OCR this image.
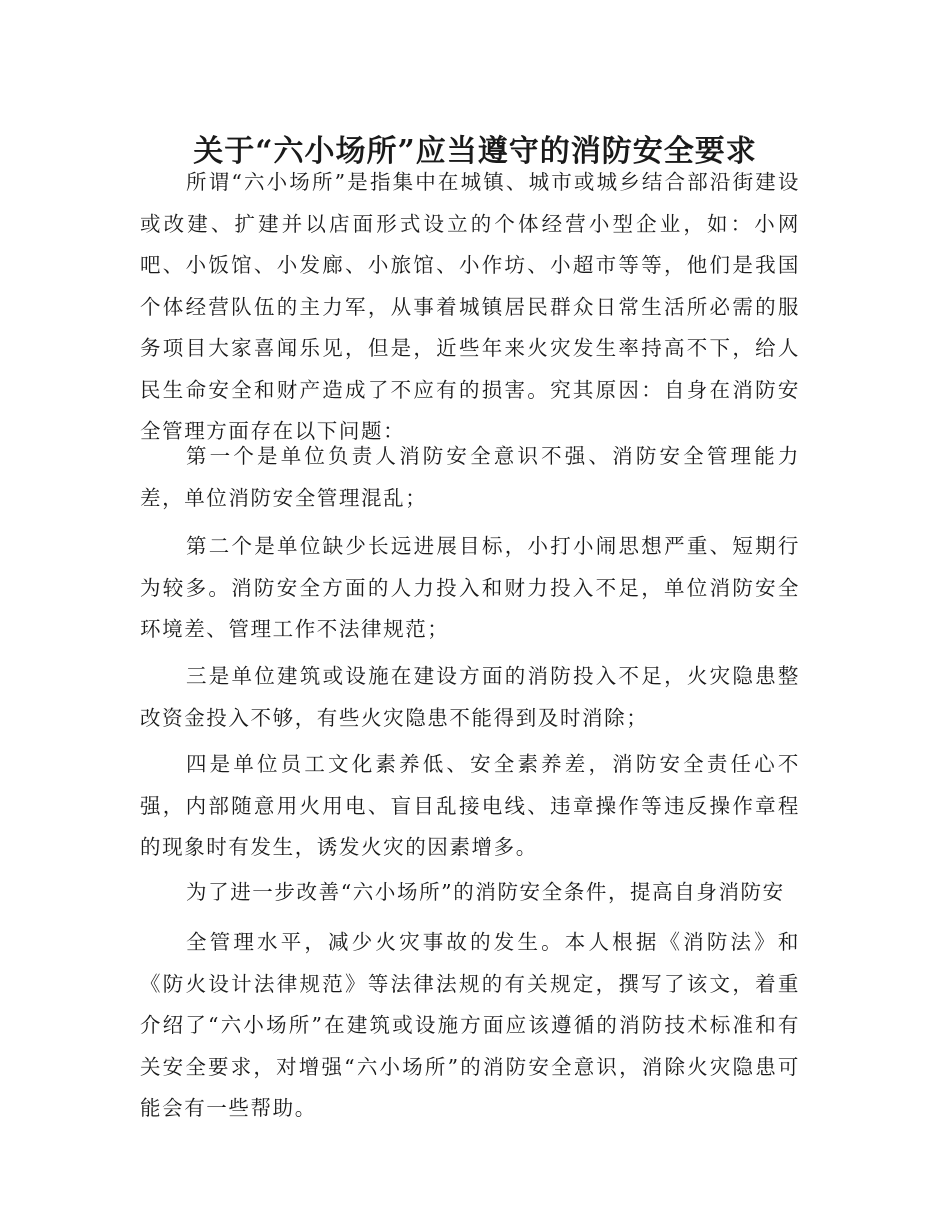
关于“六小场所”应当遵守的消防安全要求

所谓“六小场所”是指集中在城镇、城市或城乡结合部沿街建设或改建、扩建并以店面形式设立的个体经营小型企业，如：小网吧、小饭馆、小发廊、小旅馆、小作坊、小超市等等，他们是我国个体经营队伍的主力军，从事着城镇居民群众日常生活所必需的服务项目大家喜闻乐见，但是，近些年来火灾发生率持高不下，给人民生命安全和财产造成了不应有的损害。究其原因：自身在消防安全管理方面存在以下问题：

第一个是单位负责人消防安全意识不强、消防安全管理能力差，单位消防安全管理混乱；

第二个是单位缺少长远进展目标，小打小闹思想严重、短期行为较多。消防安全方面的人力投入和财力投入不足，单位消防安全环境差、管理工作不法律规范；

三是单位建筑或设施在建设方面的消防投入不足，火灾隐患整改资金投入不够，有些火灾隐患不能得到及时消除；

四是单位员工文化素养低、安全素养差，消防安全责任心不强，内部随意用火用电、盲目乱接电线、违章操作等违反操作章程的现象时有发生，诱发火灾的因素增多。

为了进一步改善“六小场所”的消防安全条件，提高自身消防安

全管理水平，减少火灾事故的发生。本人根据《消防法》和《防火设计法律规范》等法律法规的有关规定，撰写了该文，着重介绍了“六小场所”在建筑或设施方面应该遵循的消防技术标准和有关安全要求，对增强“六小场所”的消防安全意识，消除火灾隐患可能会有一些帮助。
